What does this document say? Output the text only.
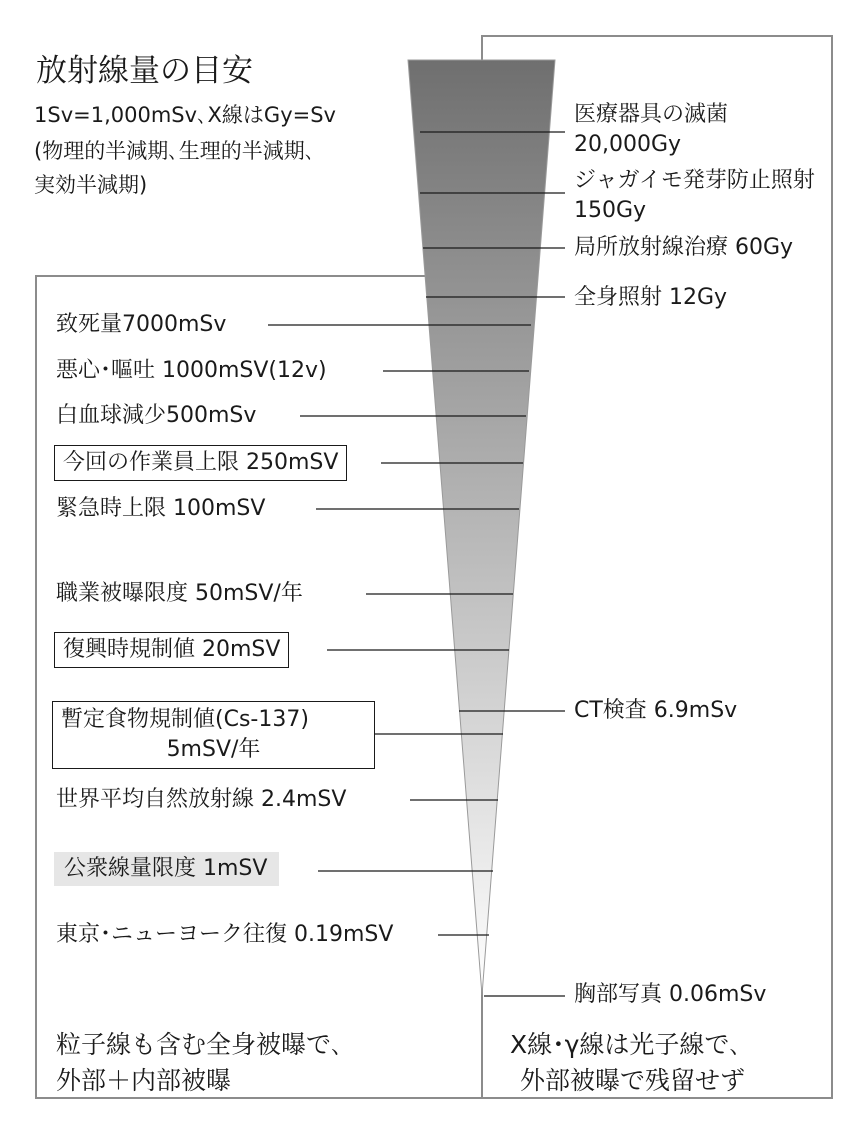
放射線量の目安
1Sv=1,000mSv､X線はGy=Sv
(物理的半減期､生理的半減期､
実効半減期)
医療器具の滅菌
20,000Gy
ジャガイモ発芽防止照射
150Gy
局所放射線治療 60Gy
全身照射 12Gy
CT検査 6.9mSv
胸部写真 0.06mSv
致死量7000mSv
悪心･嘔吐 1000mSV(12v)
白血球減少500mSv
今回の作業員上限 250mSV
緊急時上限 100mSV
職業被曝限度 50mSV/年
復興時規制値 20mSV
暫定食物規制値(Cs-137)
5mSV/年
世界平均自然放射線 2.4mSV
公衆線量限度 1mSV
東京･ニューヨーク往復 0.19mSV
粒子線も含む全身被曝で､
外部＋内部被曝
X線･γ線は光子線で､
外部被曝で残留せず
